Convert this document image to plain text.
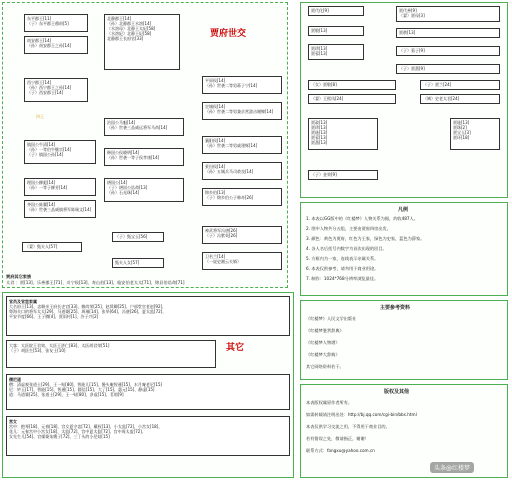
贾府世交
四王
东平郡王[11]
（子）东平郡王穆莳[5]
南安郡王[14]
（孙）南安郡王之孙[14]
西宁郡王[14]
（孙）西宁郡王之孙[14]
（子）西安郡王[14]
北静郡王[14]
（孙）北静郡王水溶[14]
（水溶母）北静王太妃[58]
（水溶妃）北静王妃[58]
北静郡王长府官[33]
镇国公牛清[14]
（孙）一等伯牛继宗[14]
（子）镇国公孙[14]
理国公柳彪[14]
（孙）一等子柳芳[14]
齐国公陈翼[14]
（孙）世袭三品威镇将军陈瑞文[14]
治国公马魁[14]
（孙）世袭三品威远将军马尚[14]
修国公侯晓明[14]
（孙）世袭一等子侯孝康[14]
缮国公[14]
（子）缮国公诰命[13]
（孙）石光珠[14]
（子）甄宝玉[56]
甄夫人女[57]
（妻）甄夫人[57]
平原侯[14]
（孙）世袭二等男蒋子宁[14]
定城侯[14]
（孙）世袭二等男兼京营游击谢鲸[14]
襄阳侯[14]
（孙）世袭二等男戚建辉[14]
景田侯[14]
（孙）五城兵马司裘良[14]
锦乡伯[13]
（子）锦乡伯公子韩奇[26]
神武将军冯唐[26]
（子）冯紫英[26]
卫若兰[14]
（一说史湘云夫婿）
贾府其它家族
太君 ：贾[13]、乐善郡王[71]、川宁侯[13]、寿山伯[13]、临安伯老太太[71]、锦县伯诰命[71]
贾代化[9]
贾敬[13]
贾珍[13]
贾蓉[13]
贾代善[9]
（妻）贾母[3]
贾赦[13]
（子）菊子[9]
（子）贾蔷[9]
（女）贾敬[8]	（子）贾兰[24]
（妻）王熙凤[24]	（姨）史老太君[24]
贾政[13]
贾珍[13]
贾琏[13]
贾蓉[13]
贾蔷[13]
贾琏[13]
贾珠[2]
贾宝玉[3]
贾环[18]
（子）金荣[9]
凡例
1. 本表以GG版中的《红楼梦》人物关系为据，约收487人。
2. 图中人物共分五组，主要由贾府四房出发。
3. 颜色：黄色为贾府，红色为王家，绿色为史家，蓝色为薛家。
4. 各人名后括号内数字为首次出现的回目。
5. 方框内为一家，连线表示亲属关系。
6. 本表仅供参考，请勿用于商业用途。
7. 制作：1024*768分辨率浏览最佳。
主要参考资料
《红楼梦》人民文学出版社
《红楼梦鉴赏辞典》
《红楼梦人物谱》
《红楼梦大辞典》
其它网络资料若干。
版权及其他
本表版权属原作者所有。
如需转载请注明出处：http://bj.qq.com/cgi-bin/bbs.html
本表仅供学习交流之用，不得用于商业目的。
若有错误之处，敬请指正，谢谢！
联系方式：fangxu@yahoo.com.cn
其它
官员及官宦家属
大名府王[13]、忠顺亲王府长史官[33]、赖尚荣[25]、赵舜卿[25]、户部堂官老赵[92]、
粤海关口的将军太太[29]、马道婆[25]、周瑞[14]、张华[64]、冯唐[26]、夏太监[72]、
平安节度[66]、王子腾[4]、贾雨村[1]、冷子兴[2]
大客：太医院王君效、太医王济仁[83]、太医胡君荣[51]
（子）胡医生[53]、张友士[10]
僧尼道
僧：清虚观张道士[29]、王一贴[80]、智能儿[15]、馒头庵智通[15]、水月庵老尼[15]
尼：妙玉[17]、智能[15]、智通[15]、圆信[15]、大了[15]、惠元[15]、静虚[15]
道：马道婆[25]、张道士[29]、王一贴[80]、净虚[15]、茗烟[9]
宫女
宫中：抱琴[18]、元春[18]、宫女夏守忠[72]、戴权[13]、小太监[72]、小宫女[18]、
花儿：元春宫中小宫女[18]、太监[72]、宫中夏太监[72]、宫中周太监[72]、
女先生儿[54]、官媒婆朱嫂子[72]、三丁头的小尼姑[15]
头条@红楼梦
